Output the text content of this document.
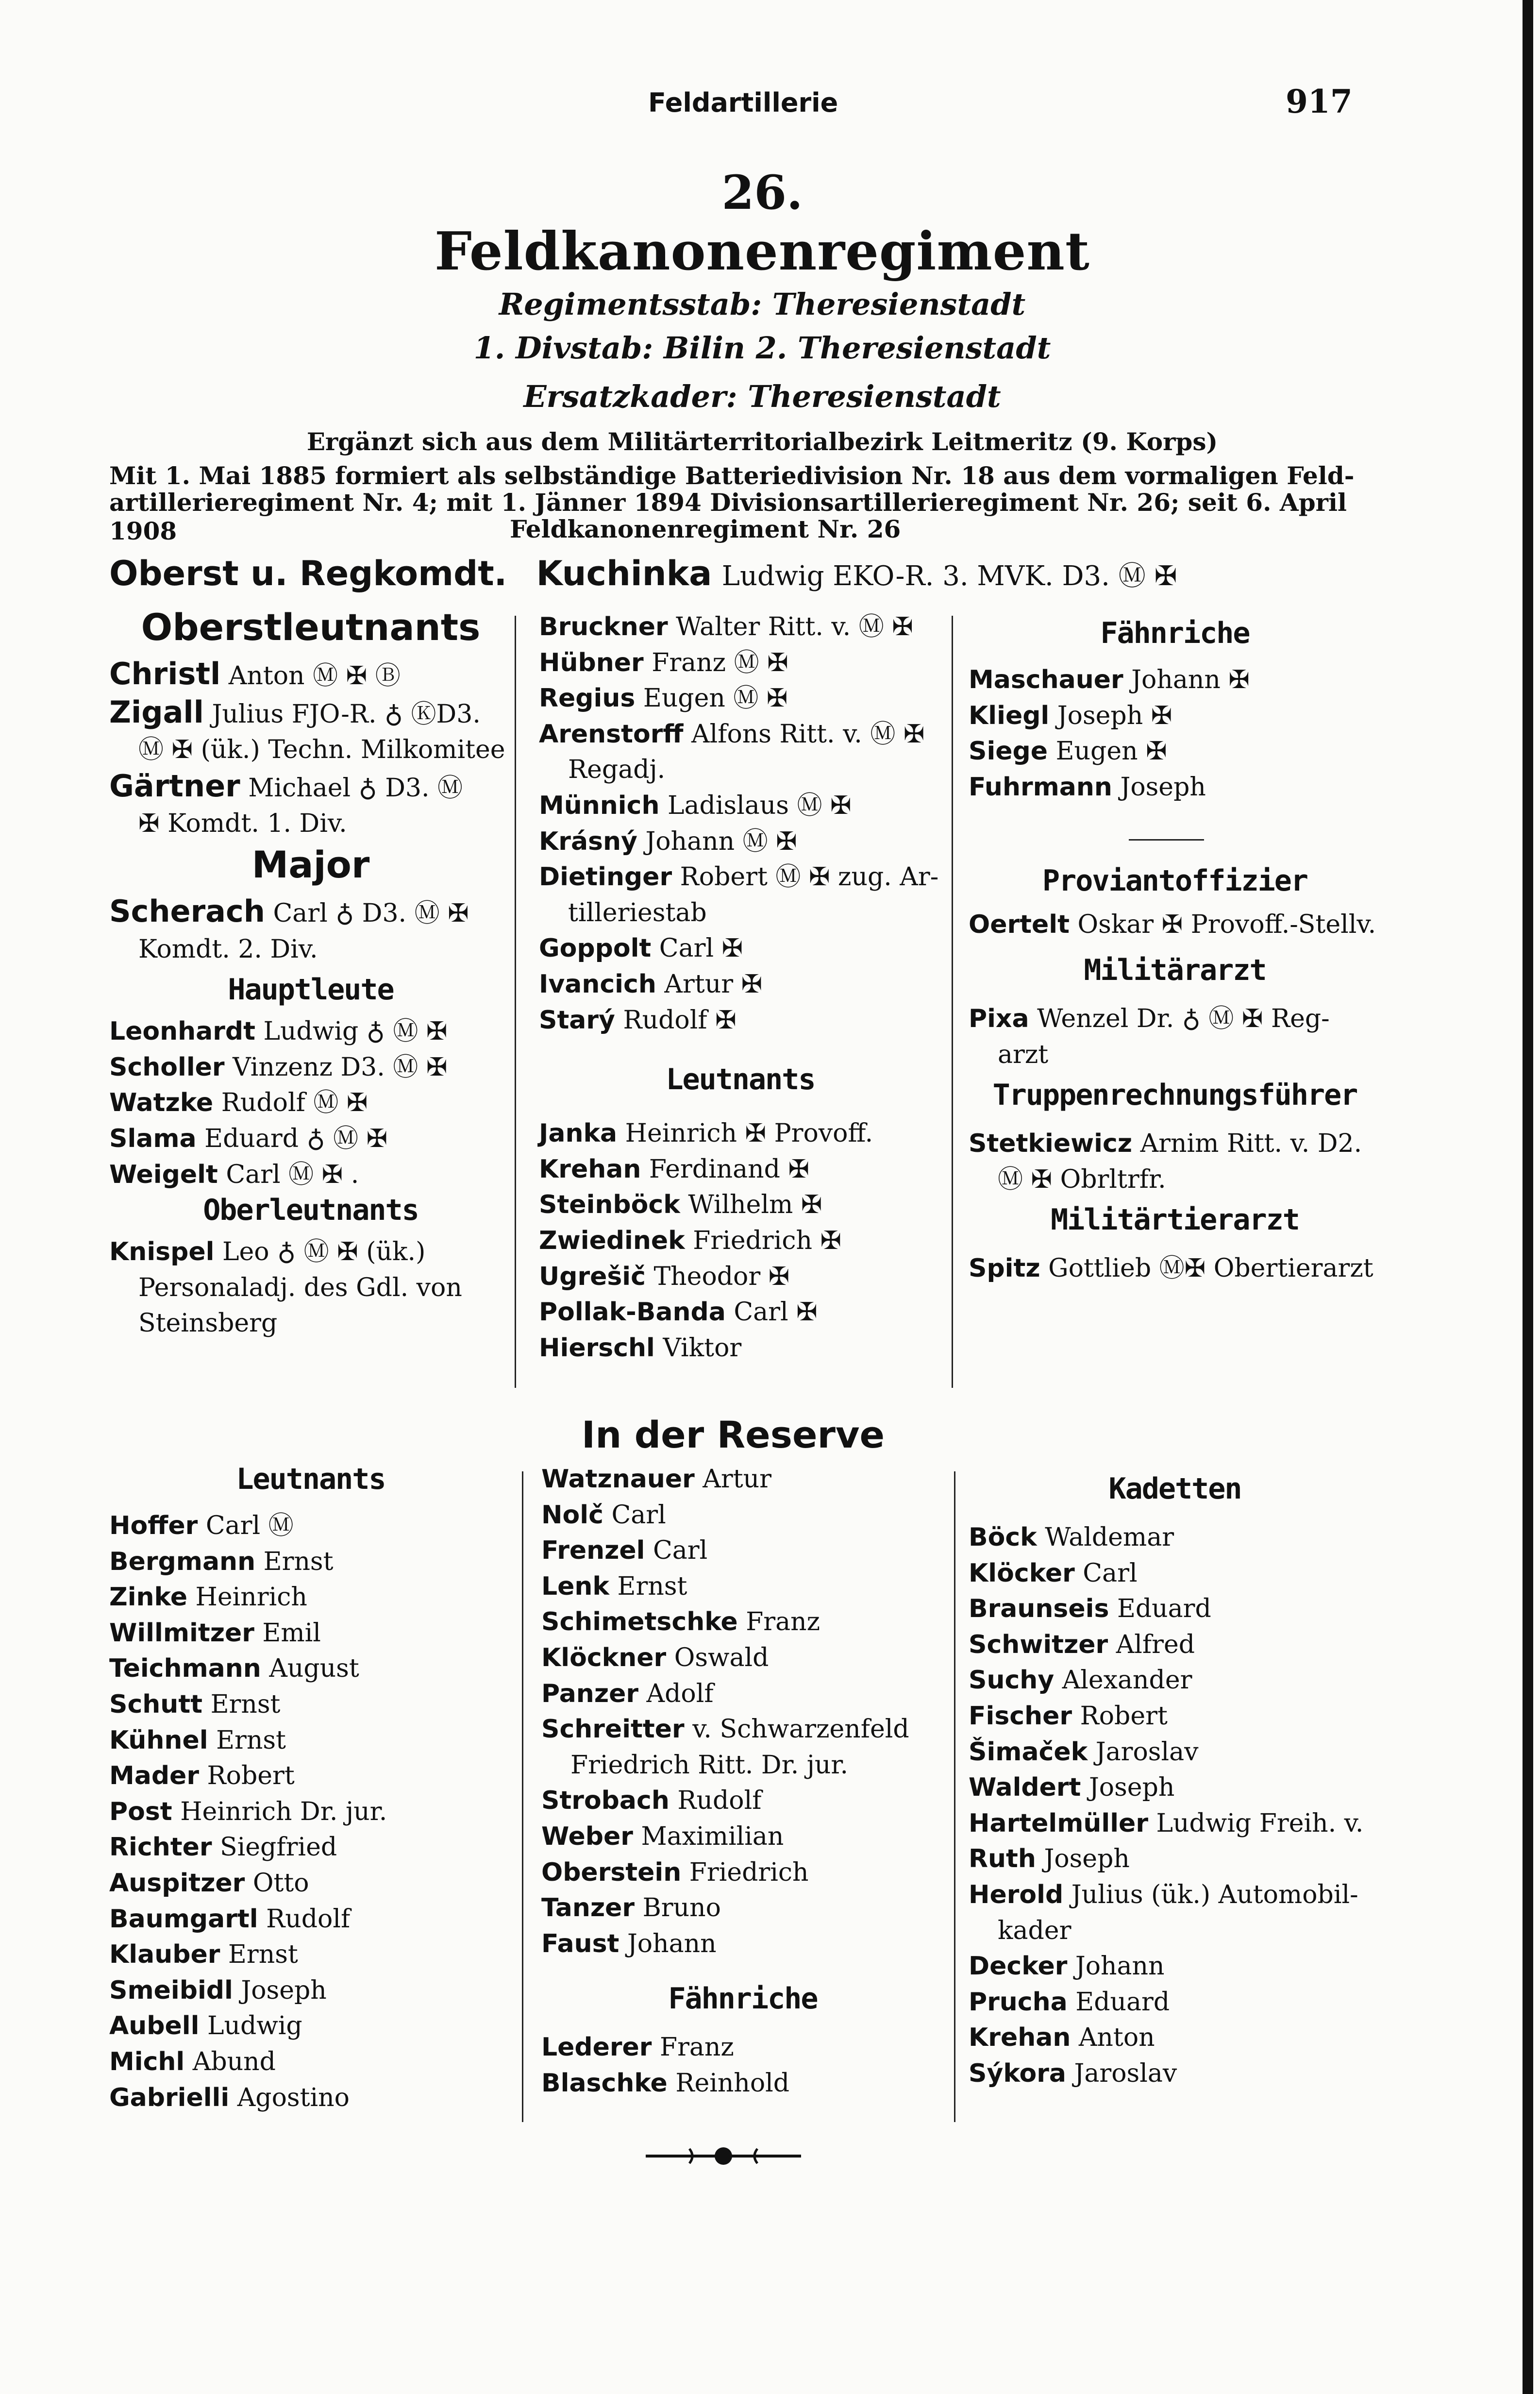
Feldartillerie	917
26.
Feldkanonenregiment
Regimentsstab: Theresienstadt
1. Divstab: Bilin 2. Theresienstadt
Ersatzkader: Theresienstadt
Ergänzt sich aus dem Militärterritorialbezirk Leitmeritz (9. Korps)
Mit 1. Mai 1885 formiert als selbständige Batteriedivision Nr. 18 aus dem vormaligen Feld-
artillerieregiment Nr. 4; mit 1. Jänner 1894 Divisionsartillerieregiment Nr. 26; seit 6. April 1908	Feldkanonenregiment Nr. 26
Oberst u. Regkomdt. Kuchinka Ludwig EKO-R. 3. MVK. D3. Ⓜ ✠
Oberstleutnants
Christl Anton Ⓜ ✠ Ⓑ
Zigall Julius FJO-R. ♁ ⓀD3.
Ⓜ ✠ (ük.) Techn. Milkomitee
Gärtner Michael ♁ D3. Ⓜ
✠ Komdt. 1. Div.
Major
Scherach Carl ♁ D3. Ⓜ ✠
Komdt. 2. Div.
Hauptleute
Leonhardt Ludwig ♁ Ⓜ ✠
Scholler Vinzenz D3. Ⓜ ✠
Watzke Rudolf Ⓜ ✠
Slama Eduard ♁ Ⓜ ✠
Weigelt Carl Ⓜ ✠ .
Oberleutnants
Knispel Leo ♁ Ⓜ ✠ (ük.)
Personaladj. des Gdl. von
Steinsberg
Bruckner Walter Ritt. v. Ⓜ ✠
Hübner Franz Ⓜ ✠
Regius Eugen Ⓜ ✠
Arenstorff Alfons Ritt. v. Ⓜ ✠
Regadj.
Münnich Ladislaus Ⓜ ✠
Krásný Johann Ⓜ ✠
Dietinger Robert Ⓜ ✠ zug. Ar-
tilleriestab
Goppolt Carl ✠
Ivancich Artur ✠
Starý Rudolf ✠
Leutnants
Janka Heinrich ✠ Provoff.
Krehan Ferdinand ✠
Steinböck Wilhelm ✠
Zwiedinek Friedrich ✠
Ugrešič Theodor ✠
Pollak-Banda Carl ✠
Hierschl Viktor
Fähnriche
Maschauer Johann ✠
Kliegl Joseph ✠
Siege Eugen ✠
Fuhrmann Joseph
Proviantoffizier
Oertelt Oskar ✠ Provoff.-Stellv.
Militärarzt
Pixa Wenzel Dr. ♁ Ⓜ ✠ Reg-
arzt
Truppenrechnungsführer
Stetkiewicz Arnim Ritt. v. D2.
Ⓜ ✠ Obrltrfr.
Militärtierarzt
Spitz Gottlieb Ⓜ✠ Obertierarzt
In der Reserve
Leutnants
Hoffer Carl Ⓜ
Bergmann Ernst
Zinke Heinrich
Willmitzer Emil
Teichmann August
Schutt Ernst
Kühnel Ernst
Mader Robert
Post Heinrich Dr. jur.
Richter Siegfried
Auspitzer Otto
Baumgartl Rudolf
Klauber Ernst
Smeibidl Joseph
Aubell Ludwig
Michl Abund
Gabrielli Agostino
Watznauer Artur
Nolč Carl
Frenzel Carl
Lenk Ernst
Schimetschke Franz
Klöckner Oswald
Panzer Adolf
Schreitter v. Schwarzenfeld
Friedrich Ritt. Dr. jur.
Strobach Rudolf
Weber Maximilian
Oberstein Friedrich
Tanzer Bruno
Faust Johann
Fähnriche
Lederer Franz
Blaschke Reinhold
Kadetten
Böck Waldemar
Klöcker Carl
Braunseis Eduard
Schwitzer Alfred
Suchy Alexander
Fischer Robert
Šimaček Jaroslav
Waldert Joseph
Hartelmüller Ludwig Freih. v.
Ruth Joseph
Herold Julius (ük.) Automobil-
kader
Decker Johann
Prucha Eduard
Krehan Anton
Sýkora Jaroslav
